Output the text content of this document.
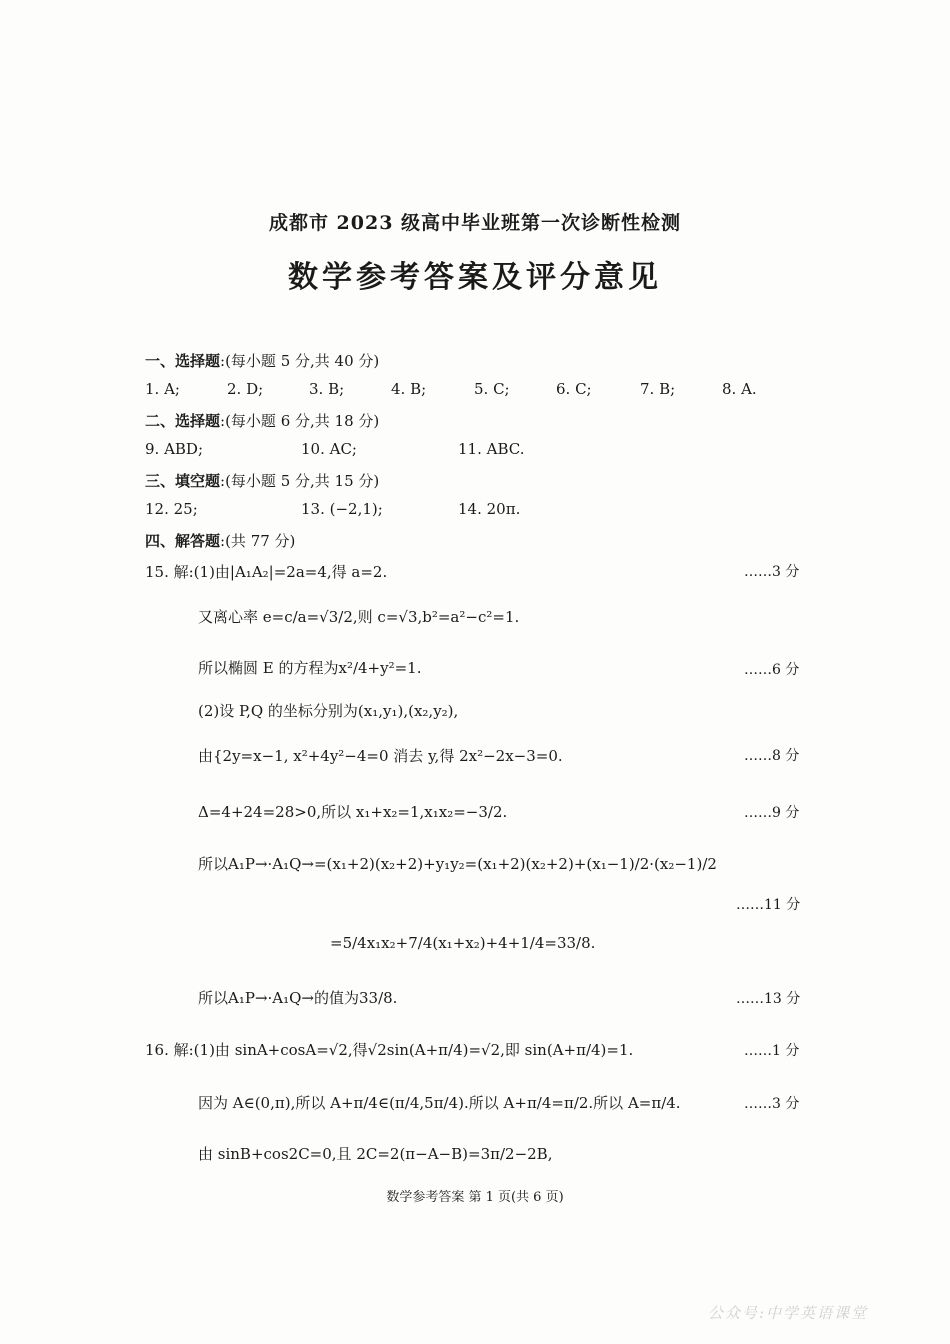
成都市 2023 级高中毕业班第一次诊断性检测
数学参考答案及评分意见
一、选择题:(每小题 5 分,共 40 分)
1. A;	2. D;	3. B;	4. B;	5. C;	6. C;	7. B;	8. A.
二、选择题:(每小题 6 分,共 18 分)
9. ABD;	10. AC;	11. ABC.
三、填空题:(每小题 5 分,共 15 分)
12. 25;	13. (−2,1);	14. 20π.
四、解答题:(共 77 分)
15. 解:(1)由|A₁A₂|=2a=4,得 a=2.	……3 分
又离心率 e=c/a=√3/2,则 c=√3,b²=a²−c²=1.
所以椭圆 E 的方程为x²/4+y²=1.	……6 分
(2)设 P,Q 的坐标分别为(x₁,y₁),(x₂,y₂),
由{2y=x−1, x²+4y²−4=0 消去 y,得 2x²−2x−3=0.	……8 分
Δ=4+24=28>0,所以 x₁+x₂=1,x₁x₂=−3/2.	……9 分
所以A₁P→·A₁Q→=(x₁+2)(x₂+2)+y₁y₂=(x₁+2)(x₂+2)+(x₁−1)/2·(x₂−1)/2
……11 分
=5/4x₁x₂+7/4(x₁+x₂)+4+1/4=33/8.
所以A₁P→·A₁Q→的值为33/8.	……13 分
16. 解:(1)由 sinA+cosA=√2,得√2sin(A+π/4)=√2,即 sin(A+π/4)=1.	……1 分
因为 A∈(0,π),所以 A+π/4∈(π/4,5π/4).所以 A+π/4=π/2.所以 A=π/4.	……3 分
由 sinB+cos2C=0,且 2C=2(π−A−B)=3π/2−2B,
数学参考答案 第 1 页(共 6 页)
公众号:中学英语课堂
